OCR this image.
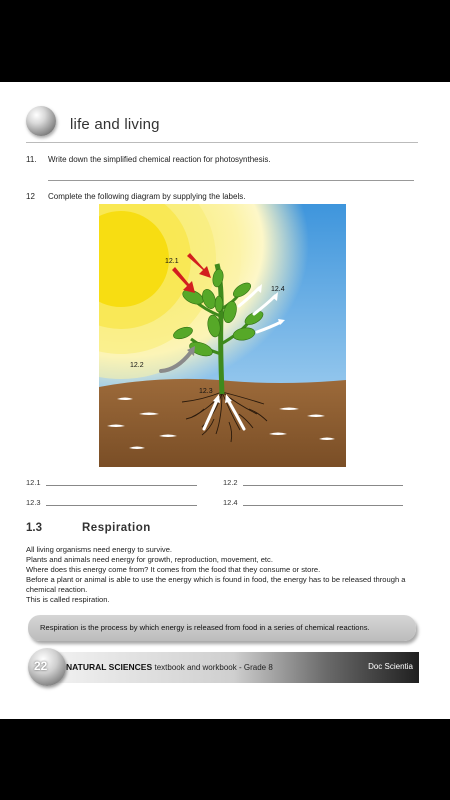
life and living
11. Write down the simplified chemical reaction for photosynthesis.
12 Complete the following diagram by supplying the labels.
12.1
12.2
12.3
12.4
12.1	12.2
12.3	12.4
1.3	Respiration

All living organisms need energy to survive.

Plants and animals need energy for growth, reproduction, movement, etc.

Where does this energy come from? It comes from the food that they consume or store.

Before a plant or animal is able to use the energy which is found in food, the energy has to be released through a chemical reaction.

This is called respiration.

Respiration is the process by which energy is released from food in a series of chemical reactions.
22 NATURAL SCIENCES textbook and workbook - Grade 8	Doc Scientia
